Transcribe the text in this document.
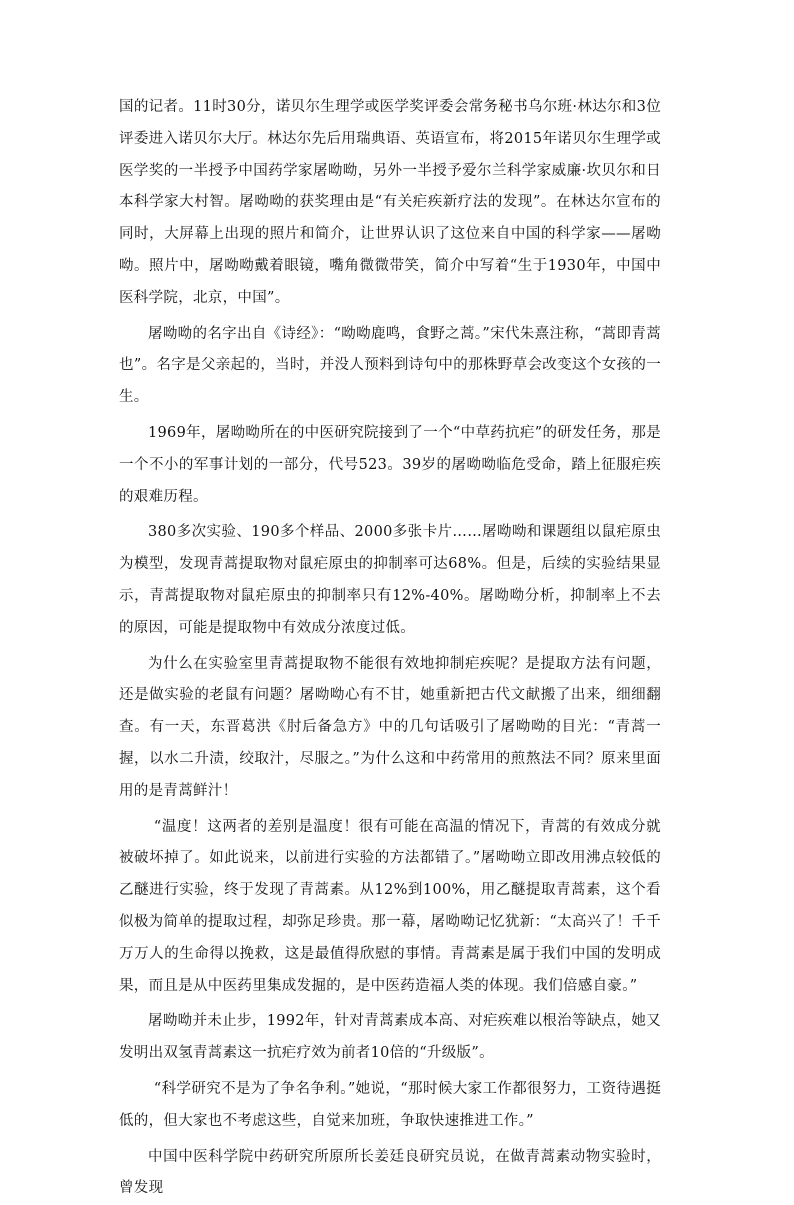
国的记者。11时30分，诺贝尔生理学或医学奖评委会常务秘书乌尔班·林达尔和3位评委进入诺贝尔大厅。林达尔先后用瑞典语、英语宣布，将2015年诺贝尔生理学或医学奖的一半授予中国药学家屠呦呦，另外一半授予爱尔兰科学家威廉·坎贝尔和日本科学家大村智。屠呦呦的获奖理由是“有关疟疾新疗法的发现”。在林达尔宣布的同时，大屏幕上出现的照片和简介，让世界认识了这位来自中国的科学家——屠呦呦。照片中，屠呦呦戴着眼镜，嘴角微微带笑，简介中写着“生于1930年，中国中医科学院，北京，中国”。

屠呦呦的名字出自《诗经》：“呦呦鹿鸣，食野之蒿。”宋代朱熹注称，“蒿即青蒿也”。名字是父亲起的，当时，并没人预料到诗句中的那株野草会改变这个女孩的一生。

1969年，屠呦呦所在的中医研究院接到了一个“中草药抗疟”的研发任务，那是一个不小的军事计划的一部分，代号523。39岁的屠呦呦临危受命，踏上征服疟疾的艰难历程。

380多次实验、190多个样品、2000多张卡片……屠呦呦和课题组以鼠疟原虫为模型，发现青蒿提取物对鼠疟原虫的抑制率可达68%。但是，后续的实验结果显示，青蒿提取物对鼠疟原虫的抑制率只有12%-40%。屠呦呦分析，抑制率上不去的原因，可能是提取物中有效成分浓度过低。

为什么在实验室里青蒿提取物不能很有效地抑制疟疾呢？是提取方法有问题，还是做实验的老鼠有问题？屠呦呦心有不甘，她重新把古代文献搬了出来，细细翻查。有一天，东晋葛洪《肘后备急方》中的几句话吸引了屠呦呦的目光：“青蒿一握，以水二升渍，绞取汁，尽服之。”为什么这和中药常用的煎熬法不同？原来里面用的是青蒿鲜汁！

“温度！这两者的差别是温度！很有可能在高温的情况下，青蒿的有效成分就被破坏掉了。如此说来，以前进行实验的方法都错了。”屠呦呦立即改用沸点较低的乙醚进行实验，终于发现了青蒿素。从12%到100%，用乙醚提取青蒿素，这个看似极为简单的提取过程，却弥足珍贵。那一幕，屠呦呦记忆犹新：“太高兴了！千千万万人的生命得以挽救，这是最值得欣慰的事情。青蒿素是属于我们中国的发明成果，而且是从中医药里集成发掘的，是中医药造福人类的体现。我们倍感自豪。”

屠呦呦并未止步，1992年，针对青蒿素成本高、对疟疾难以根治等缺点，她又发明出双氢青蒿素这一抗疟疗效为前者10倍的“升级版”。

“科学研究不是为了争名争利。”她说，“那时候大家工作都很努力，工资待遇挺低的，但大家也不考虑这些，自觉来加班，争取快速推进工作。”

中国中医科学院中药研究所原所长姜廷良研究员说，在做青蒿素动物实验时，曾发现
